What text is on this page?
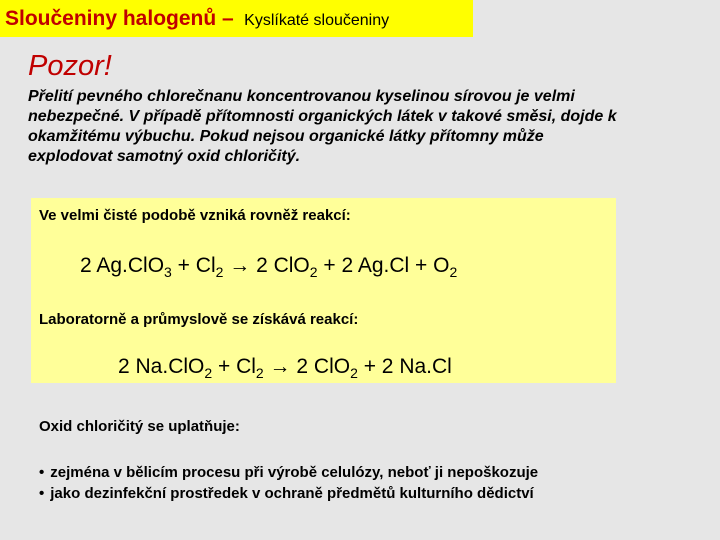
Sloučeniny halogenů – Kyslíkaté sloučeniny
Pozor!
Přelití pevného chlorečnanu koncentrovanou kyselinou sírovou je velmi nebezpečné. V případě přítomnosti organických látek v takové směsi, dojde k okamžitému výbuchu. Pokud nejsou organické látky přítomny může explodovat samotný oxid chloričitý.
Ve velmi čisté podobě vzniká rovněž reakcí:
2 $Ag.ClO_3 + Cl_2 \to 2$ ClO$_2$ + 2 $Ag.Cl + O_2$
Laboratorně a průmyslově se získává reakcí:
2 $Na.ClO_2 + Cl_2 \to 2$ ClO$_2$ + 2 Na.Cl
Oxid chloričitý se uplatňuje:
• zejména v bělicím procesu při výrobě celulózy, neboť ji nepoškozuje
• jako dezinfekční prostředek v ochraně předmětů kulturního dědictví
